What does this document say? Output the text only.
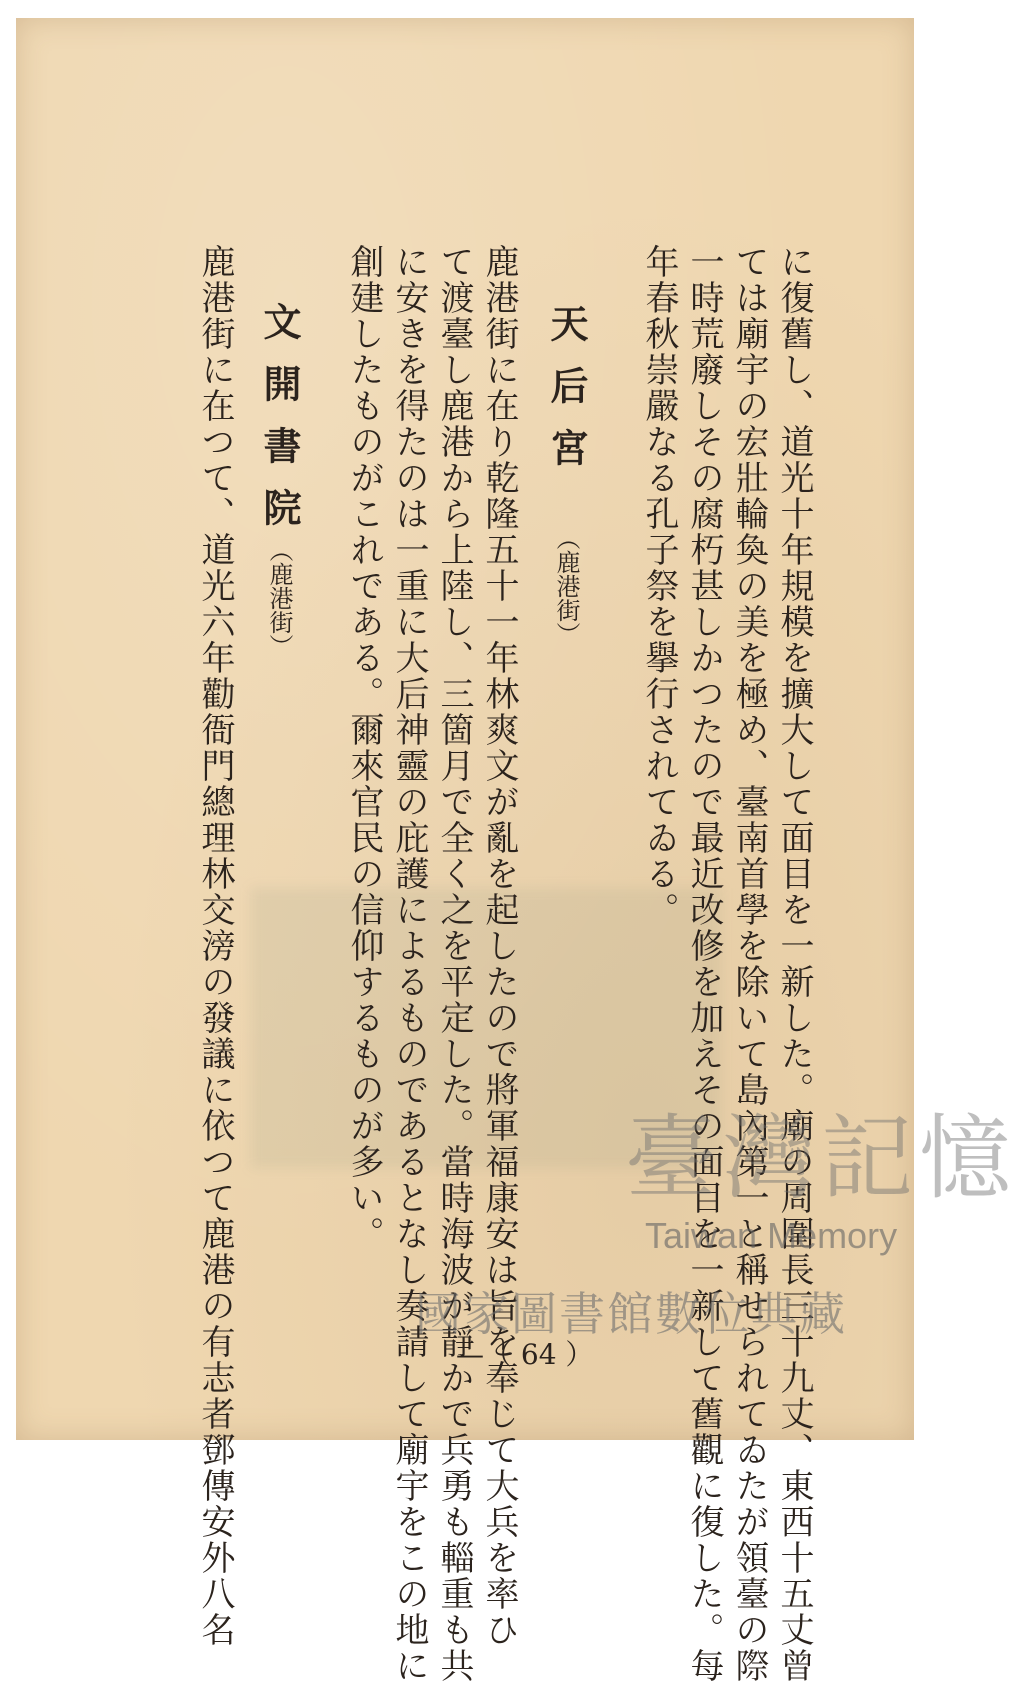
年春秋崇嚴なる孔子祭を擧行されてゐる。 一時荒廢しその腐朽甚しかつたので最近改修を加えその面目を一新して舊觀に復した。每 ては廟宇の宏壯輪奐の美を極め、臺南首學を除いて島內第一と稱せられてゐたが領臺の際 に復舊し、道光十年規模を擴大して面目を一新した。廟の周圍長三十九丈、東西十五丈曾
天后宮
（鹿港街）
創建したものがこれである。爾來官民の信仰するものが多い。 に安きを得たのは一重に大后神靈の庇護によるものであるとなし奏請して廟宇をこの地に て渡臺し鹿港から上陸し、三箇月で全く之を平定した。當時海波が靜かで兵勇も輜重も共 鹿港街に在り乾隆五十一年林爽文が亂を起したので將軍福康安は旨を奉じて大兵を率ひ
文開書院
（鹿港街）
鹿港街に在つて、道光六年勸衙門總理林交滂の發議に依つて鹿港の有志者鄧傳安外八名	—（ 64 ）
臺灣記憶
Taiwan Memory
國家圖書館數位典藏
